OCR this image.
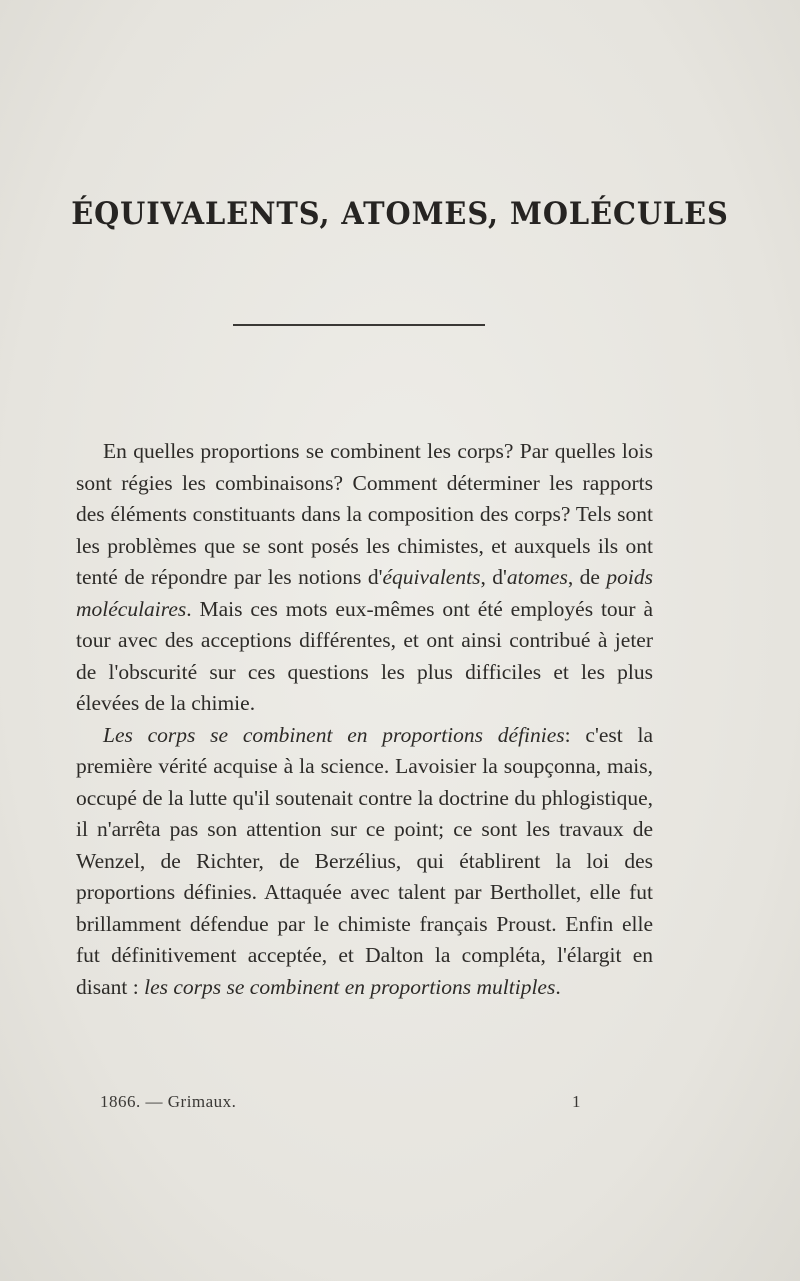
ÉQUIVALENTS, ATOMES, MOLÉCULES

En quelles proportions se combinent les corps? Par quelles lois sont régies les combinaisons? Comment déterminer les rapports des éléments constituants dans la composition des corps? Tels sont les problèmes que se sont posés les chimistes, et auxquels ils ont tenté de répondre par les notions d'équivalents, d'atomes, de poids moléculaires. Mais ces mots eux-mêmes ont été employés tour à tour avec des acceptions différentes, et ont ainsi contribué à jeter de l'obscurité sur ces questions les plus difficiles et les plus élevées de la chimie.

Les corps se combinent en proportions définies: c'est la première vérité acquise à la science. Lavoisier la soupçonna, mais, occupé de la lutte qu'il soutenait contre la doctrine du phlogistique, il n'arrêta pas son attention sur ce point; ce sont les travaux de Wenzel, de Richter, de Berzélius, qui établirent la loi des proportions définies. Attaquée avec talent par Berthollet, elle fut brillamment défendue par le chimiste français Proust. Enfin elle fut définitivement acceptée, et Dalton la compléta, l'élargit en disant : les corps se combinent en proportions multiples.

1866. — Grimaux.	1
